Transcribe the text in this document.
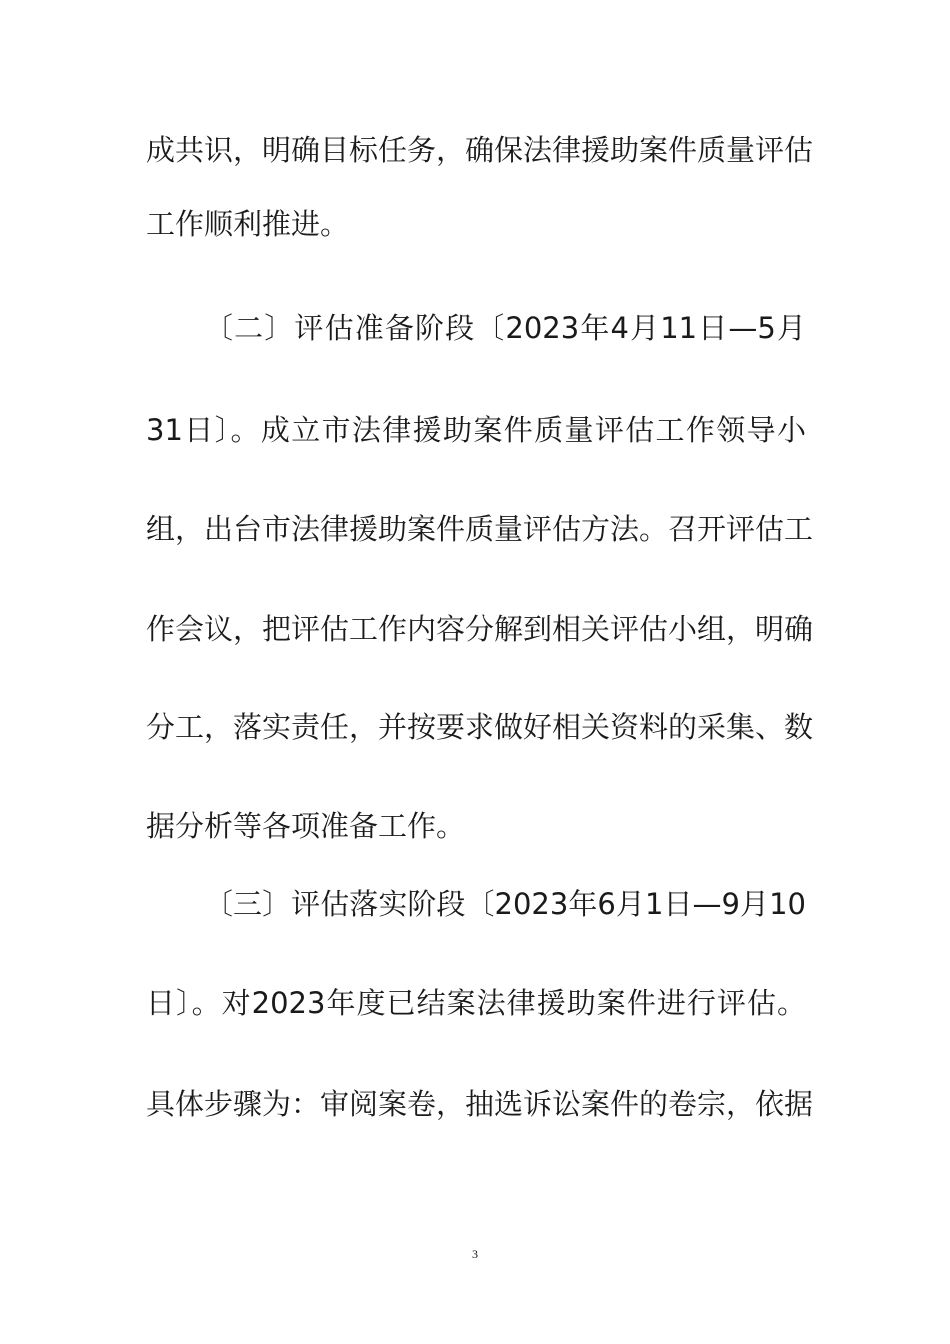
成共识，明确目标任务，确保法律援助案件质量评估
工作顺利推进。
〔二〕评估准备阶段〔2023年4月11日—5月
31日〕。成立市法律援助案件质量评估工作领导小
组，出台市法律援助案件质量评估方法。召开评估工
作会议，把评估工作内容分解到相关评估小组，明确
分工，落实责任，并按要求做好相关资料的采集、数
据分析等各项准备工作。
〔三〕评估落实阶段〔2023年6月1日—9月10
日〕。对2023年度已结案法律援助案件进行评估。
具体步骤为：审阅案卷，抽选诉讼案件的卷宗，依据
3
